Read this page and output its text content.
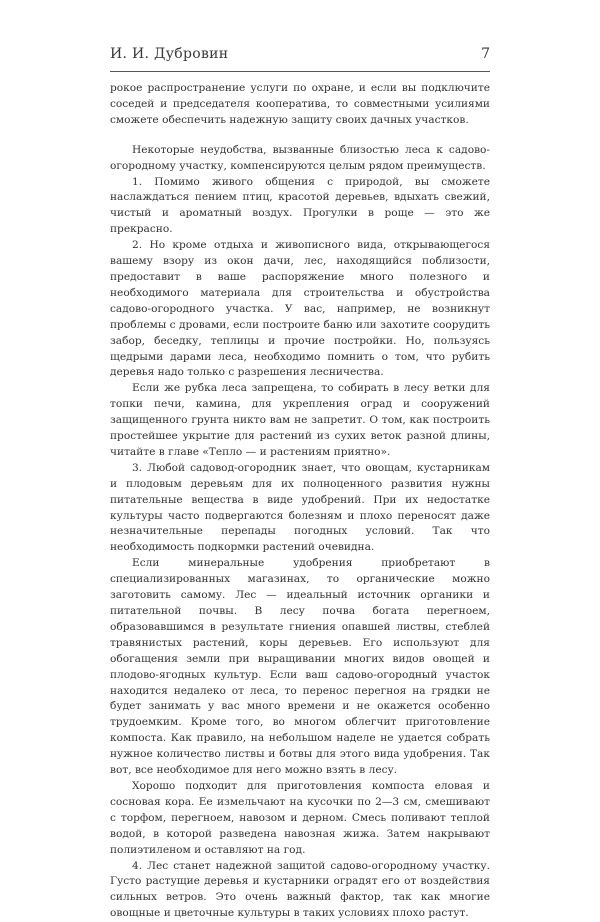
И. И. Дубровин	7

рокое распространение услуги по охране, и если вы подключите соседей и председателя кооператива, то совместными усилиями сможете обеспечить надежную защиту своих дачных участков.

Некоторые неудобства, вызванные близостью леса к садово-огородному участку, компенсируются целым рядом преимуществ.

1. Помимо живого общения с природой, вы сможете наслаждаться пением птиц, красотой деревьев, вдыхать свежий, чистый и ароматный воздух. Прогулки в роще — это же прекрасно.

2. Но кроме отдыха и живописного вида, открывающегося вашему взору из окон дачи, лес, находящийся поблизости, предоставит в ваше распоряжение много полезного и необходимого материала для строительства и обустройства садово-огородного участка. У вас, например, не возникнут проблемы с дровами, если построите баню или захотите соорудить забор, беседку, теплицы и прочие постройки. Но, пользуясь щедрыми дарами леса, необходимо помнить о том, что рубить деревья надо только с разрешения лесничества.

Если же рубка леса запрещена, то собирать в лесу ветки для топки печи, камина, для укрепления оград и сооружений защищенного грунта никто вам не запретит. О том, как построить простейшее укрытие для растений из сухих веток разной длины, читайте в главе «Тепло — и растениям приятно».

3. Любой садовод-огородник знает, что овощам, кустарникам и плодовым деревьям для их полноценного развития нужны питательные вещества в виде удобрений. При их недостатке культуры часто подвергаются болезням и плохо переносят даже незначительные перепады погодных условий. Так что необходимость подкормки растений очевидна.

Если минеральные удобрения приобретают в специализированных магазинах, то органические можно заготовить самому. Лес — идеальный источник органики и питательной почвы. В лесу почва богата перегноем, образовавшимся в результате гниения опавшей листвы, стеблей травянистых растений, коры деревьев. Его используют для обогащения земли при выращивании многих видов овощей и плодово-ягодных культур. Если ваш садово-огородный участок находится недалеко от леса, то перенос перегноя на грядки не будет занимать у вас много времени и не окажется особенно трудоемким. Кроме того, во многом облегчит приготовление компоста. Как правило, на небольшом наделе не удается собрать нужное количество листвы и ботвы для этого вида удобрения. Так вот, все необходимое для него можно взять в лесу.

Хорошо подходит для приготовления компоста еловая и сосновая кора. Ее измельчают на кусочки по 2—3 см, смешивают с торфом, перегноем, навозом и дерном. Смесь поливают теплой водой, в которой разведена навозная жижа. Затем накрывают полиэтиленом и оставляют на год.

4. Лес станет надежной защитой садово-огородному участку. Густо растущие деревья и кустарники оградят его от воздействия сильных ветров. Это очень важный фактор, так как многие овощные и цветочные культуры в таких условиях плохо растут.
